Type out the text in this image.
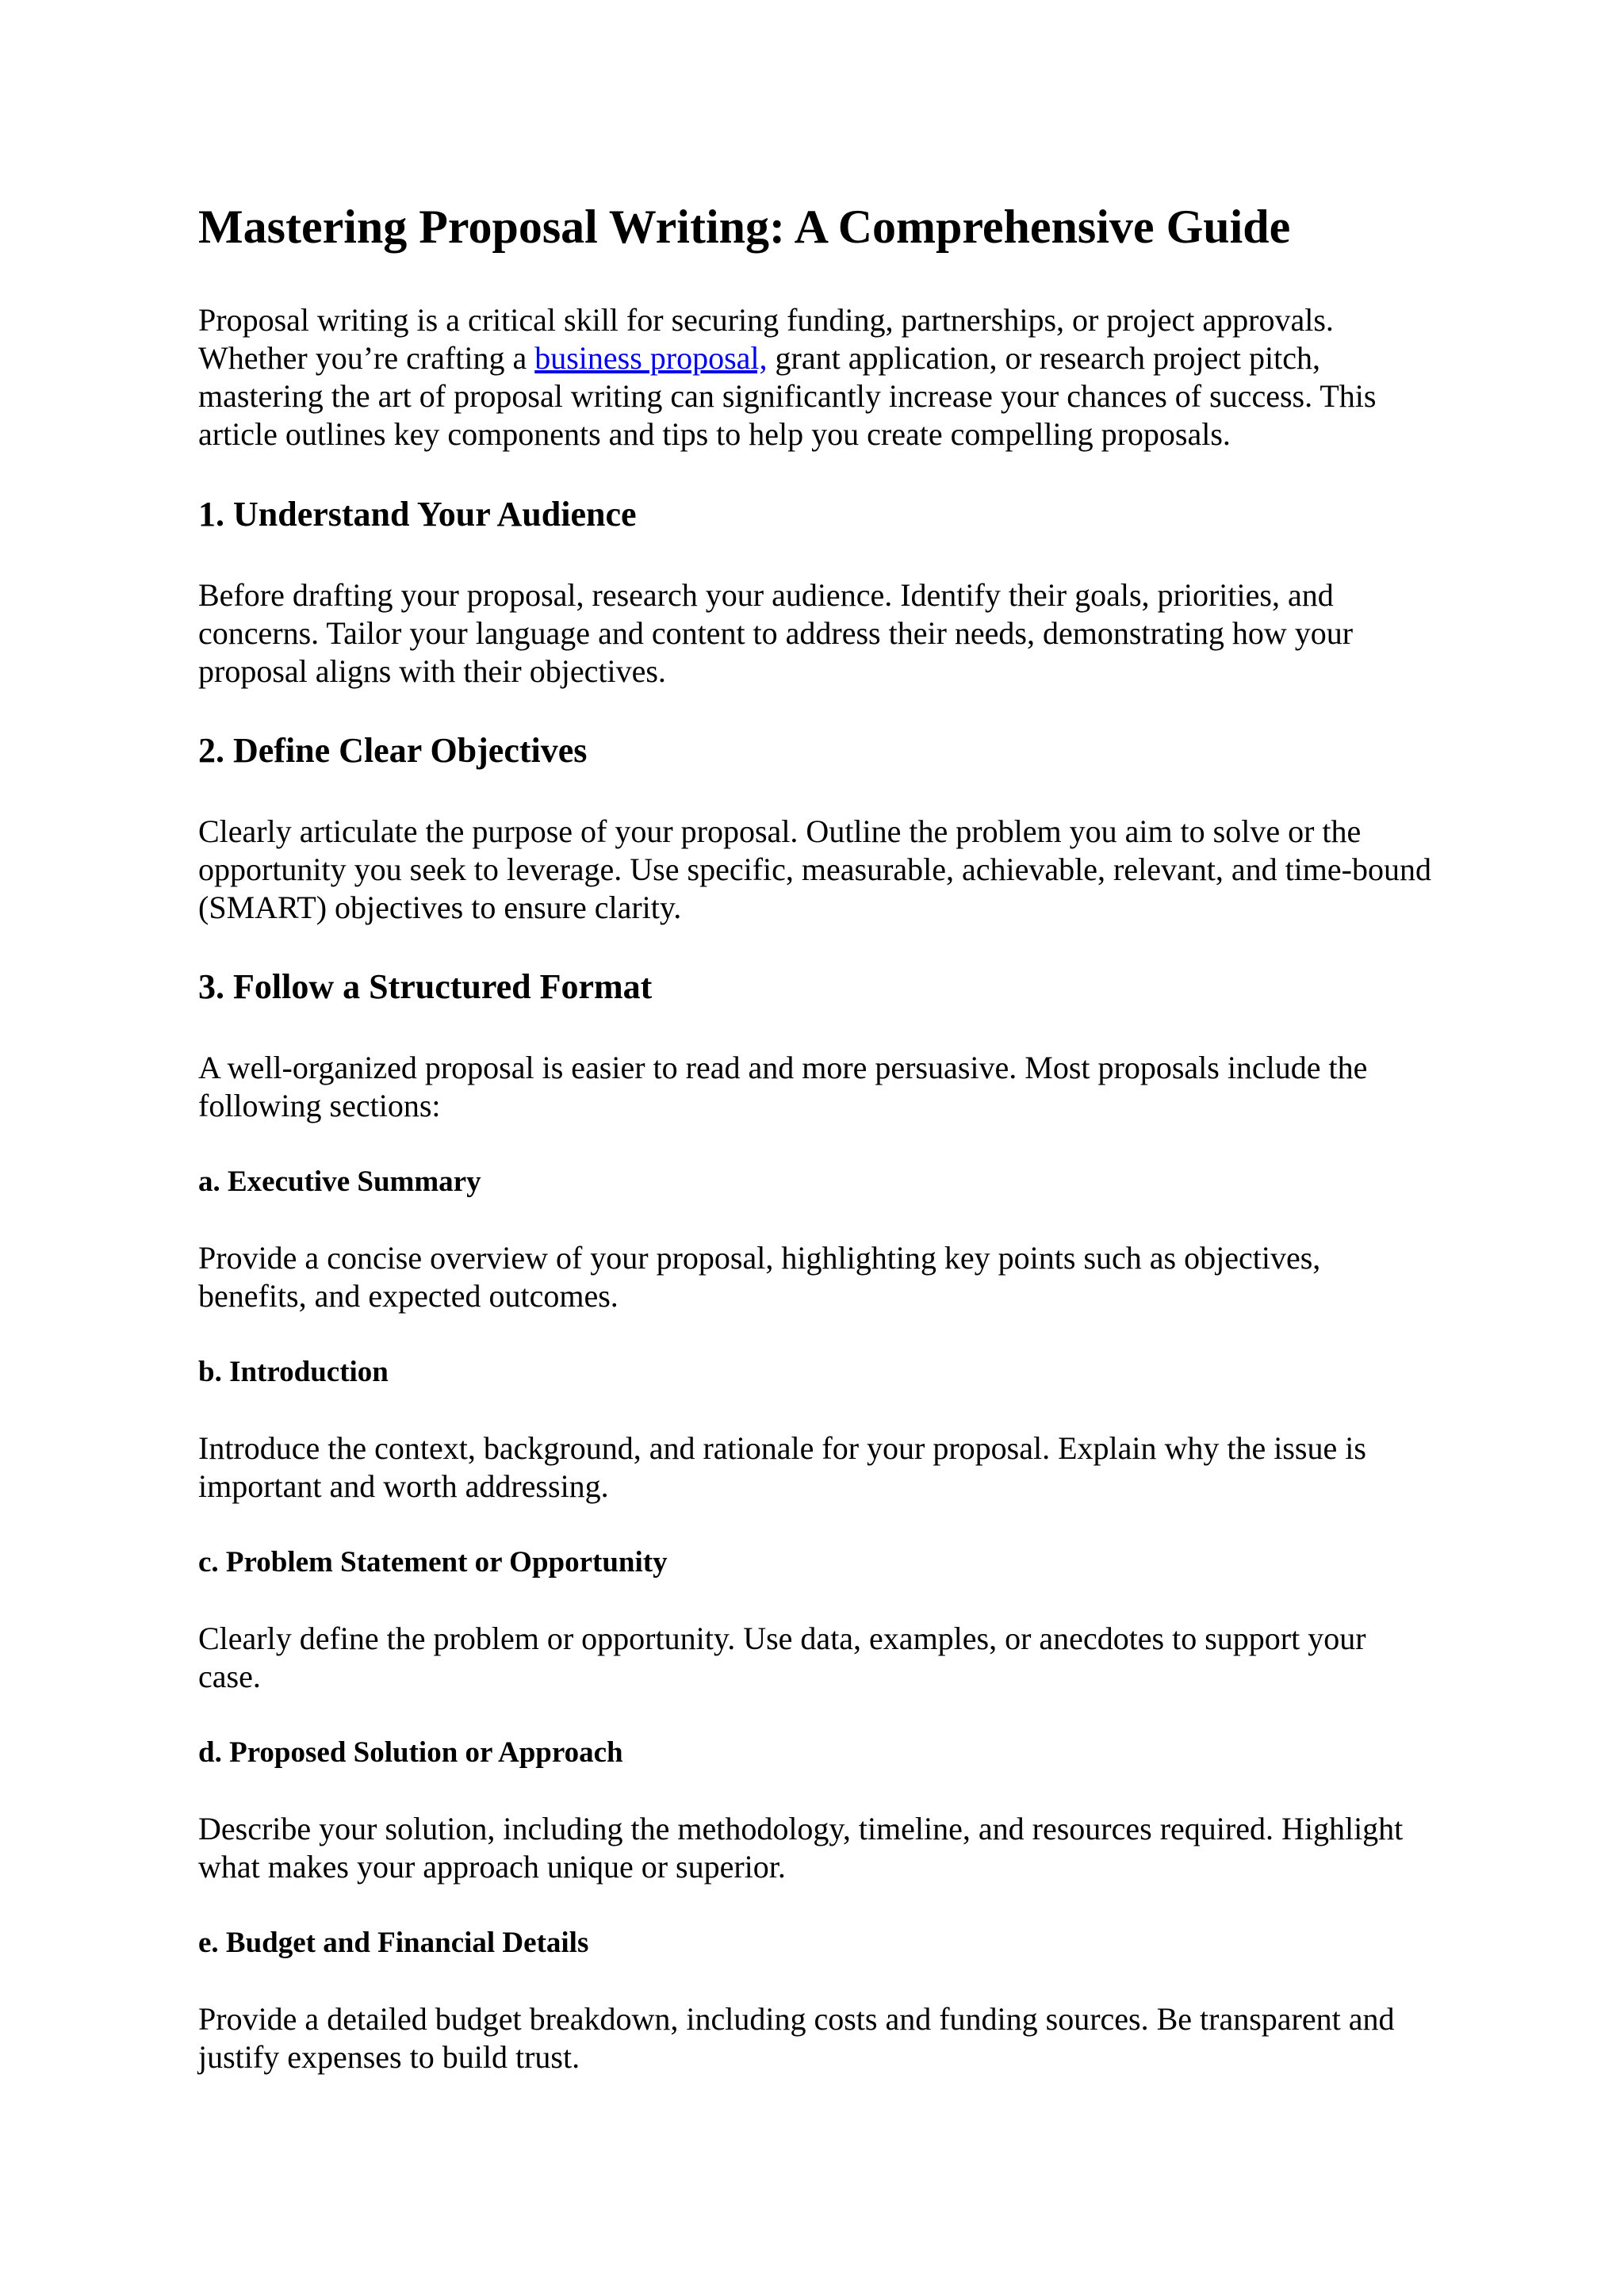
Mastering Proposal Writing: A Comprehensive Guide

Proposal writing is a critical skill for securing funding, partnerships, or project approvals. Whether you’re crafting a business proposal, grant application, or research project pitch, mastering the art of proposal writing can significantly increase your chances of success. This article outlines key components and tips to help you create compelling proposals.

1. Understand Your Audience

Before drafting your proposal, research your audience. Identify their goals, priorities, and concerns. Tailor your language and content to address their needs, demonstrating how your proposal aligns with their objectives.

2. Define Clear Objectives

Clearly articulate the purpose of your proposal. Outline the problem you aim to solve or the opportunity you seek to leverage. Use specific, measurable, achievable, relevant, and time-bound (SMART) objectives to ensure clarity.

3. Follow a Structured Format

A well-organized proposal is easier to read and more persuasive. Most proposals include the following sections:

a. Executive Summary

Provide a concise overview of your proposal, highlighting key points such as objectives, benefits, and expected outcomes.

b. Introduction

Introduce the context, background, and rationale for your proposal. Explain why the issue is important and worth addressing.

c. Problem Statement or Opportunity

Clearly define the problem or opportunity. Use data, examples, or anecdotes to support your case.

d. Proposed Solution or Approach

Describe your solution, including the methodology, timeline, and resources required. Highlight what makes your approach unique or superior.

e. Budget and Financial Details

Provide a detailed budget breakdown, including costs and funding sources. Be transparent and justify expenses to build trust.
